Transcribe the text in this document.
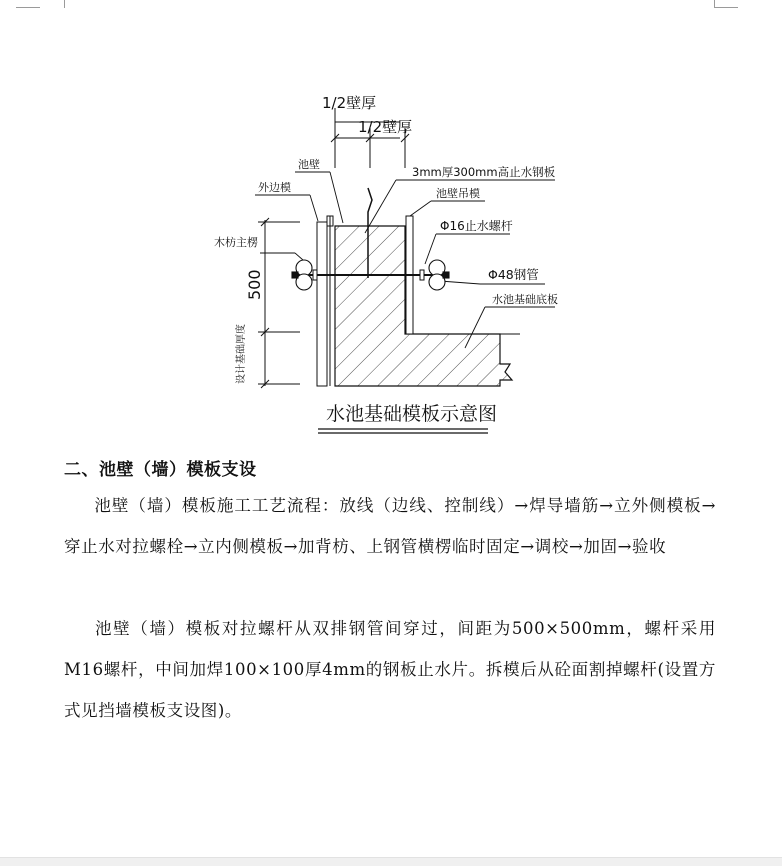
1/2壁厚
1/2壁厚
池壁
3mm厚300mm高止水钢板
外边模	池壁吊模
Φ16止水螺杆
木枋主楞
Φ48钢管
水池基础底板
500
设计基础厚度
水池基础模板示意图
二、池壁（墙）模板支设
池壁（墙）模板施工工艺流程：放线（边线、控制线）→焊导墙筋→立外侧模板→穿止水对拉螺栓→立内侧模板→加背枋、上钢管横楞临时固定→调校→加固→验收
池壁（墙）模板对拉螺杆从双排钢管间穿过，间距为500×500mm，螺杆采用M16螺杆，中间加焊100×100厚4mm的钢板止水片。拆模后从砼面割掉螺杆(设置方式见挡墙模板支设图)。
